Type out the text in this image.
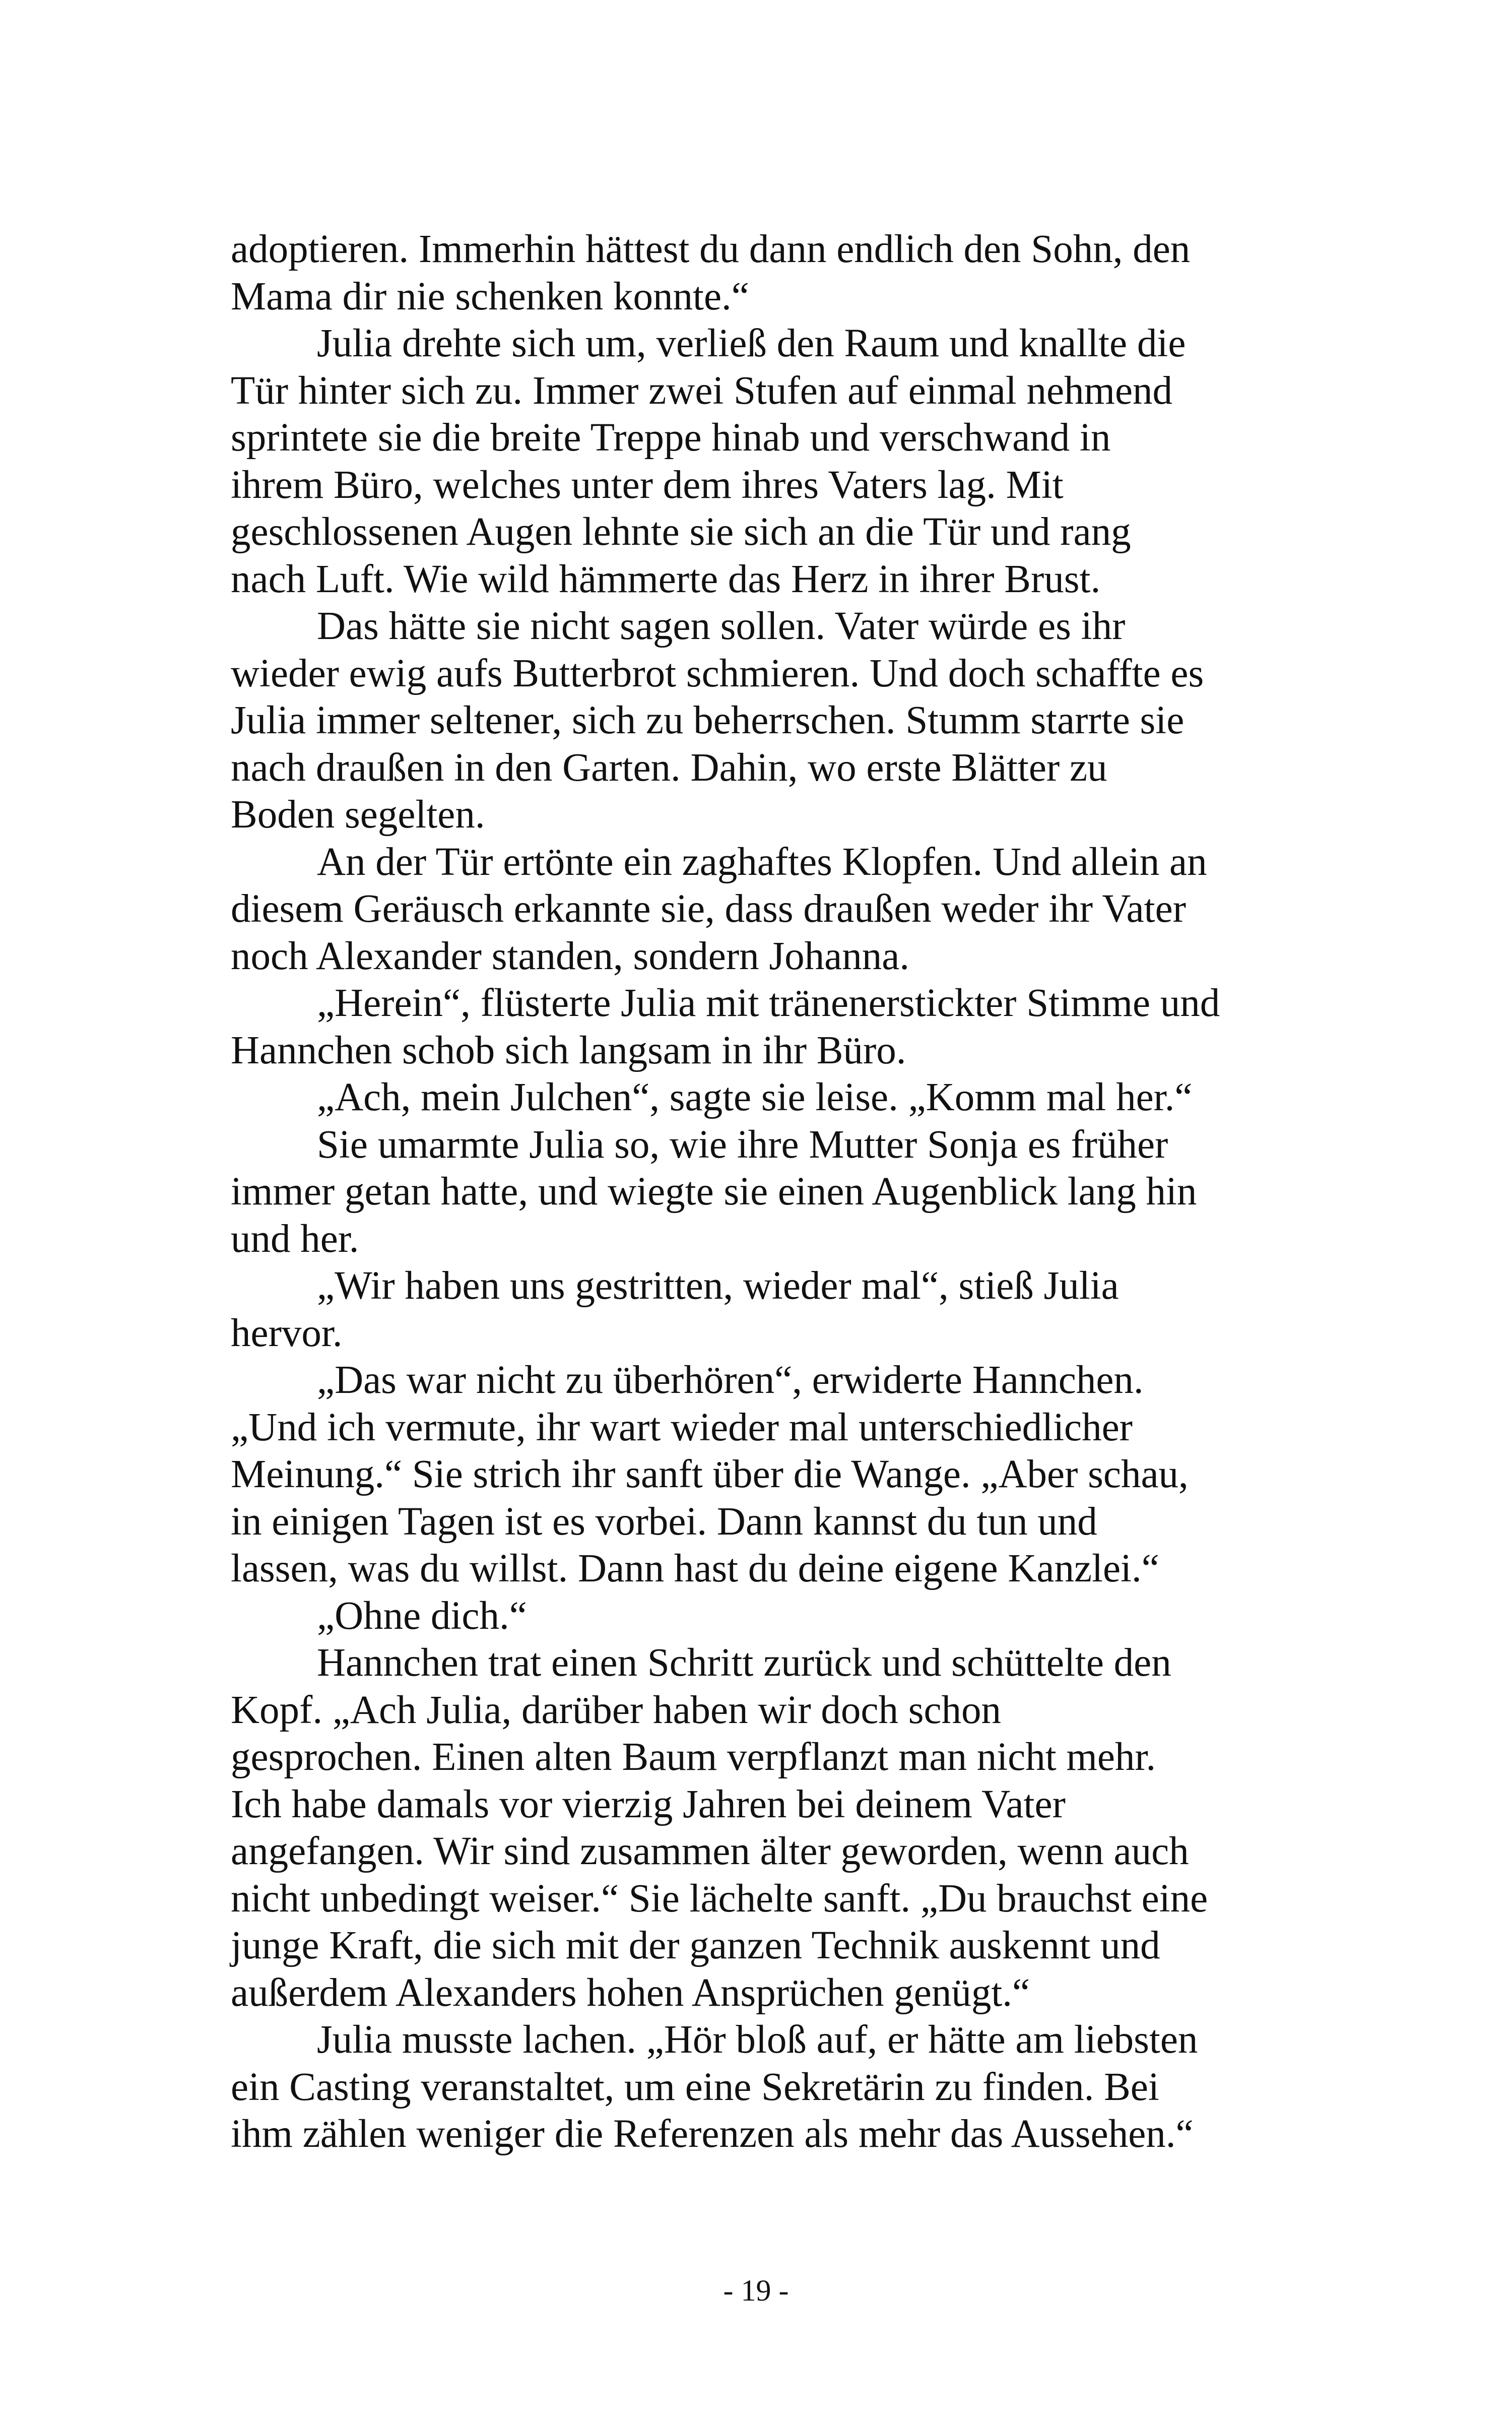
adoptieren. Immerhin hättest du dann endlich den Sohn, den
Mama dir nie schenken konnte.“
Julia drehte sich um, verließ den Raum und knallte die
Tür hinter sich zu. Immer zwei Stufen auf einmal nehmend
sprintete sie die breite Treppe hinab und verschwand in
ihrem Büro, welches unter dem ihres Vaters lag. Mit
geschlossenen Augen lehnte sie sich an die Tür und rang
nach Luft. Wie wild hämmerte das Herz in ihrer Brust.
Das hätte sie nicht sagen sollen. Vater würde es ihr
wieder ewig aufs Butterbrot schmieren. Und doch schaffte es
Julia immer seltener, sich zu beherrschen. Stumm starrte sie
nach draußen in den Garten. Dahin, wo erste Blätter zu
Boden segelten.
An der Tür ertönte ein zaghaftes Klopfen. Und allein an
diesem Geräusch erkannte sie, dass draußen weder ihr Vater
noch Alexander standen, sondern Johanna.
„Herein“, flüsterte Julia mit tränenerstickter Stimme und
Hannchen schob sich langsam in ihr Büro.
„Ach, mein Julchen“, sagte sie leise. „Komm mal her.“
Sie umarmte Julia so, wie ihre Mutter Sonja es früher
immer getan hatte, und wiegte sie einen Augenblick lang hin
und her.
„Wir haben uns gestritten, wieder mal“, stieß Julia
hervor.
„Das war nicht zu überhören“, erwiderte Hannchen.
„Und ich vermute, ihr wart wieder mal unterschiedlicher
Meinung.“ Sie strich ihr sanft über die Wange. „Aber schau,
in einigen Tagen ist es vorbei. Dann kannst du tun und
lassen, was du willst. Dann hast du deine eigene Kanzlei.“
„Ohne dich.“
Hannchen trat einen Schritt zurück und schüttelte den
Kopf. „Ach Julia, darüber haben wir doch schon
gesprochen. Einen alten Baum verpflanzt man nicht mehr.
Ich habe damals vor vierzig Jahren bei deinem Vater
angefangen. Wir sind zusammen älter geworden, wenn auch
nicht unbedingt weiser.“ Sie lächelte sanft. „Du brauchst eine
junge Kraft, die sich mit der ganzen Technik auskennt und
außerdem Alexanders hohen Ansprüchen genügt.“
Julia musste lachen. „Hör bloß auf, er hätte am liebsten
ein Casting veranstaltet, um eine Sekretärin zu finden. Bei
ihm zählen weniger die Referenzen als mehr das Aussehen.“
- 19 -
